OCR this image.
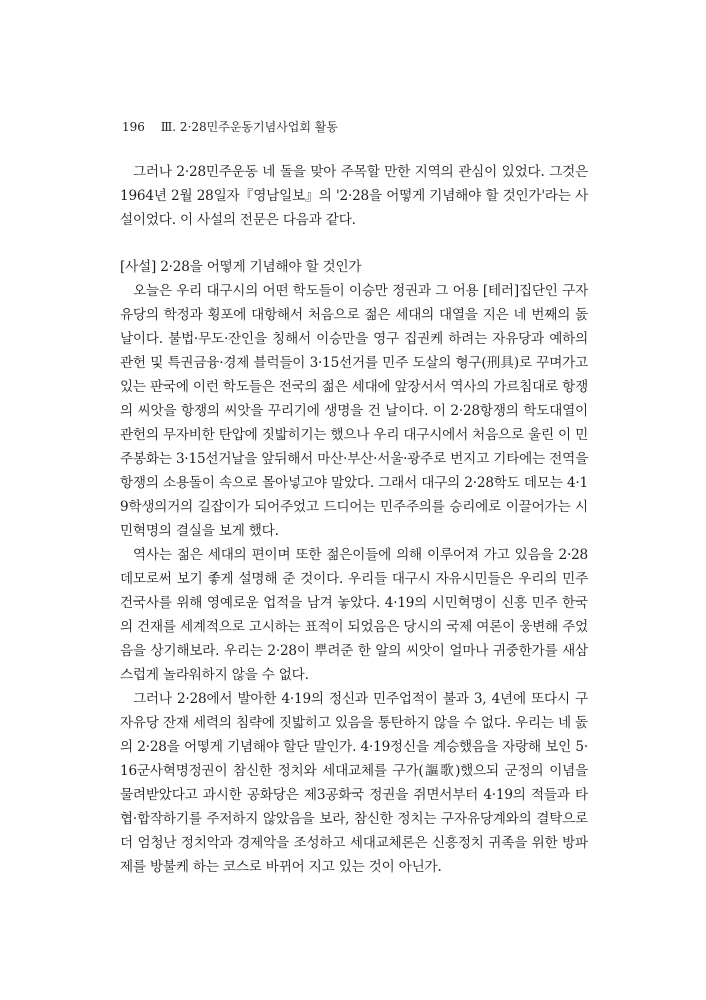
196 Ⅲ. 2·28민주운동기념사업회 활동

그러나 2·28민주운동 네 돌을 맞아 주목할 만한 지역의 관심이 있었다. 그것은 1964년 2월 28일자『영남일보』의 '2·28을 어떻게 기념해야 할 것인가'라는 사설이었다. 이 사설의 전문은 다음과 같다.

[사설] 2·28을 어떻게 기념해야 할 것인가

오늘은 우리 대구시의 어떤 학도들이 이승만 정권과 그 어용 [테러]집단인 구자유당의 학정과 횡포에 대항해서 처음으로 젊은 세대의 대열을 지은 네 번째의 돐날이다. 불법·무도·잔인을 칭해서 이승만을 영구 집권케 하려는 자유당과 예하의 관헌 및 특권금융·경제 블럭들이 3·15선거를 민주 도살의 형구(刑具)로 꾸며가고 있는 판국에 이런 학도들은 전국의 젊은 세대에 앞장서서 역사의 가르침대로 항쟁의 씨앗을 항쟁의 씨앗을 꾸리기에 생명을 건 날이다. 이 2·28항쟁의 학도대열이 관헌의 무자비한 탄압에 짓밟히기는 했으나 우리 대구시에서 처음으로 울린 이 민주봉화는 3·15선거날을 앞뒤해서 마산·부산·서울·광주로 번지고 기타에는 전역을 항쟁의 소용돌이 속으로 몰아넣고야 말았다. 그래서 대구의 2·28학도 데모는 4·19학생의거의 길잡이가 되어주었고 드디어는 민주주의를 승리에로 이끌어가는 시민혁명의 결실을 보게 했다.

역사는 젊은 세대의 편이며 또한 젊은이들에 의해 이루어져 가고 있음을 2·28데모로써 보기 좋게 설명해 준 것이다. 우리들 대구시 자유시민들은 우리의 민주건국사를 위해 영예로운 업적을 남겨 놓았다. 4·19의 시민혁명이 신흥 민주 한국의 건재를 세계적으로 고시하는 표적이 되었음은 당시의 국제 여론이 웅변해 주었음을 상기해보라. 우리는 2·28이 뿌려준 한 알의 씨앗이 얼마나 귀중한가를 새삼스럽게 놀라워하지 않을 수 없다.

그러나 2·28에서 발아한 4·19의 정신과 민주업적이 불과 3, 4년에 또다시 구자유당 잔재 세력의 침략에 짓밟히고 있음을 통탄하지 않을 수 없다. 우리는 네 돐의 2·28을 어떻게 기념해야 할단 말인가. 4·19정신을 계승했음을 자랑해 보인 5·16군사혁명정권이 참신한 정치와 세대교체를 구가(謳歌)했으되 군정의 이념을 물려받았다고 과시한 공화당은 제3공화국 정권을 쥐면서부터 4·19의 적들과 타협·합작하기를 주저하지 않았음을 보라, 참신한 정치는 구자유당계와의 결탁으로 더 엄청난 정치악과 경제악을 조성하고 세대교체론은 신흥정치 귀족을 위한 방파제를 방불케 하는 코스로 바뀌어 지고 있는 것이 아닌가.
